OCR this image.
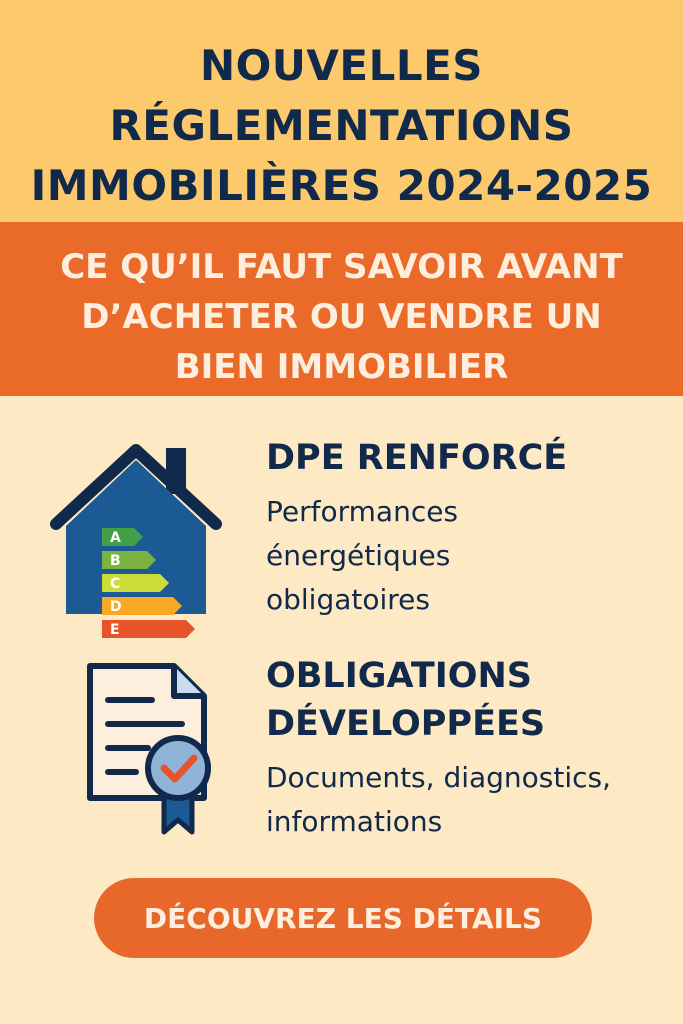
NOUVELLES
RÉGLEMENTATIONS
IMMOBILIÈRES 2024-2025
CE QU’IL FAUT SAVOIR AVANT
D’ACHETER OU VENDRE UN
BIEN IMMOBILIER
A
B
C
D
E
DPE RENFORCÉ
Performances
énergétiques
obligatoires
OBLIGATIONS
DÉVELOPPÉES
Documents, diagnostics,
informations
DÉCOUVREZ LES DÉTAILS
